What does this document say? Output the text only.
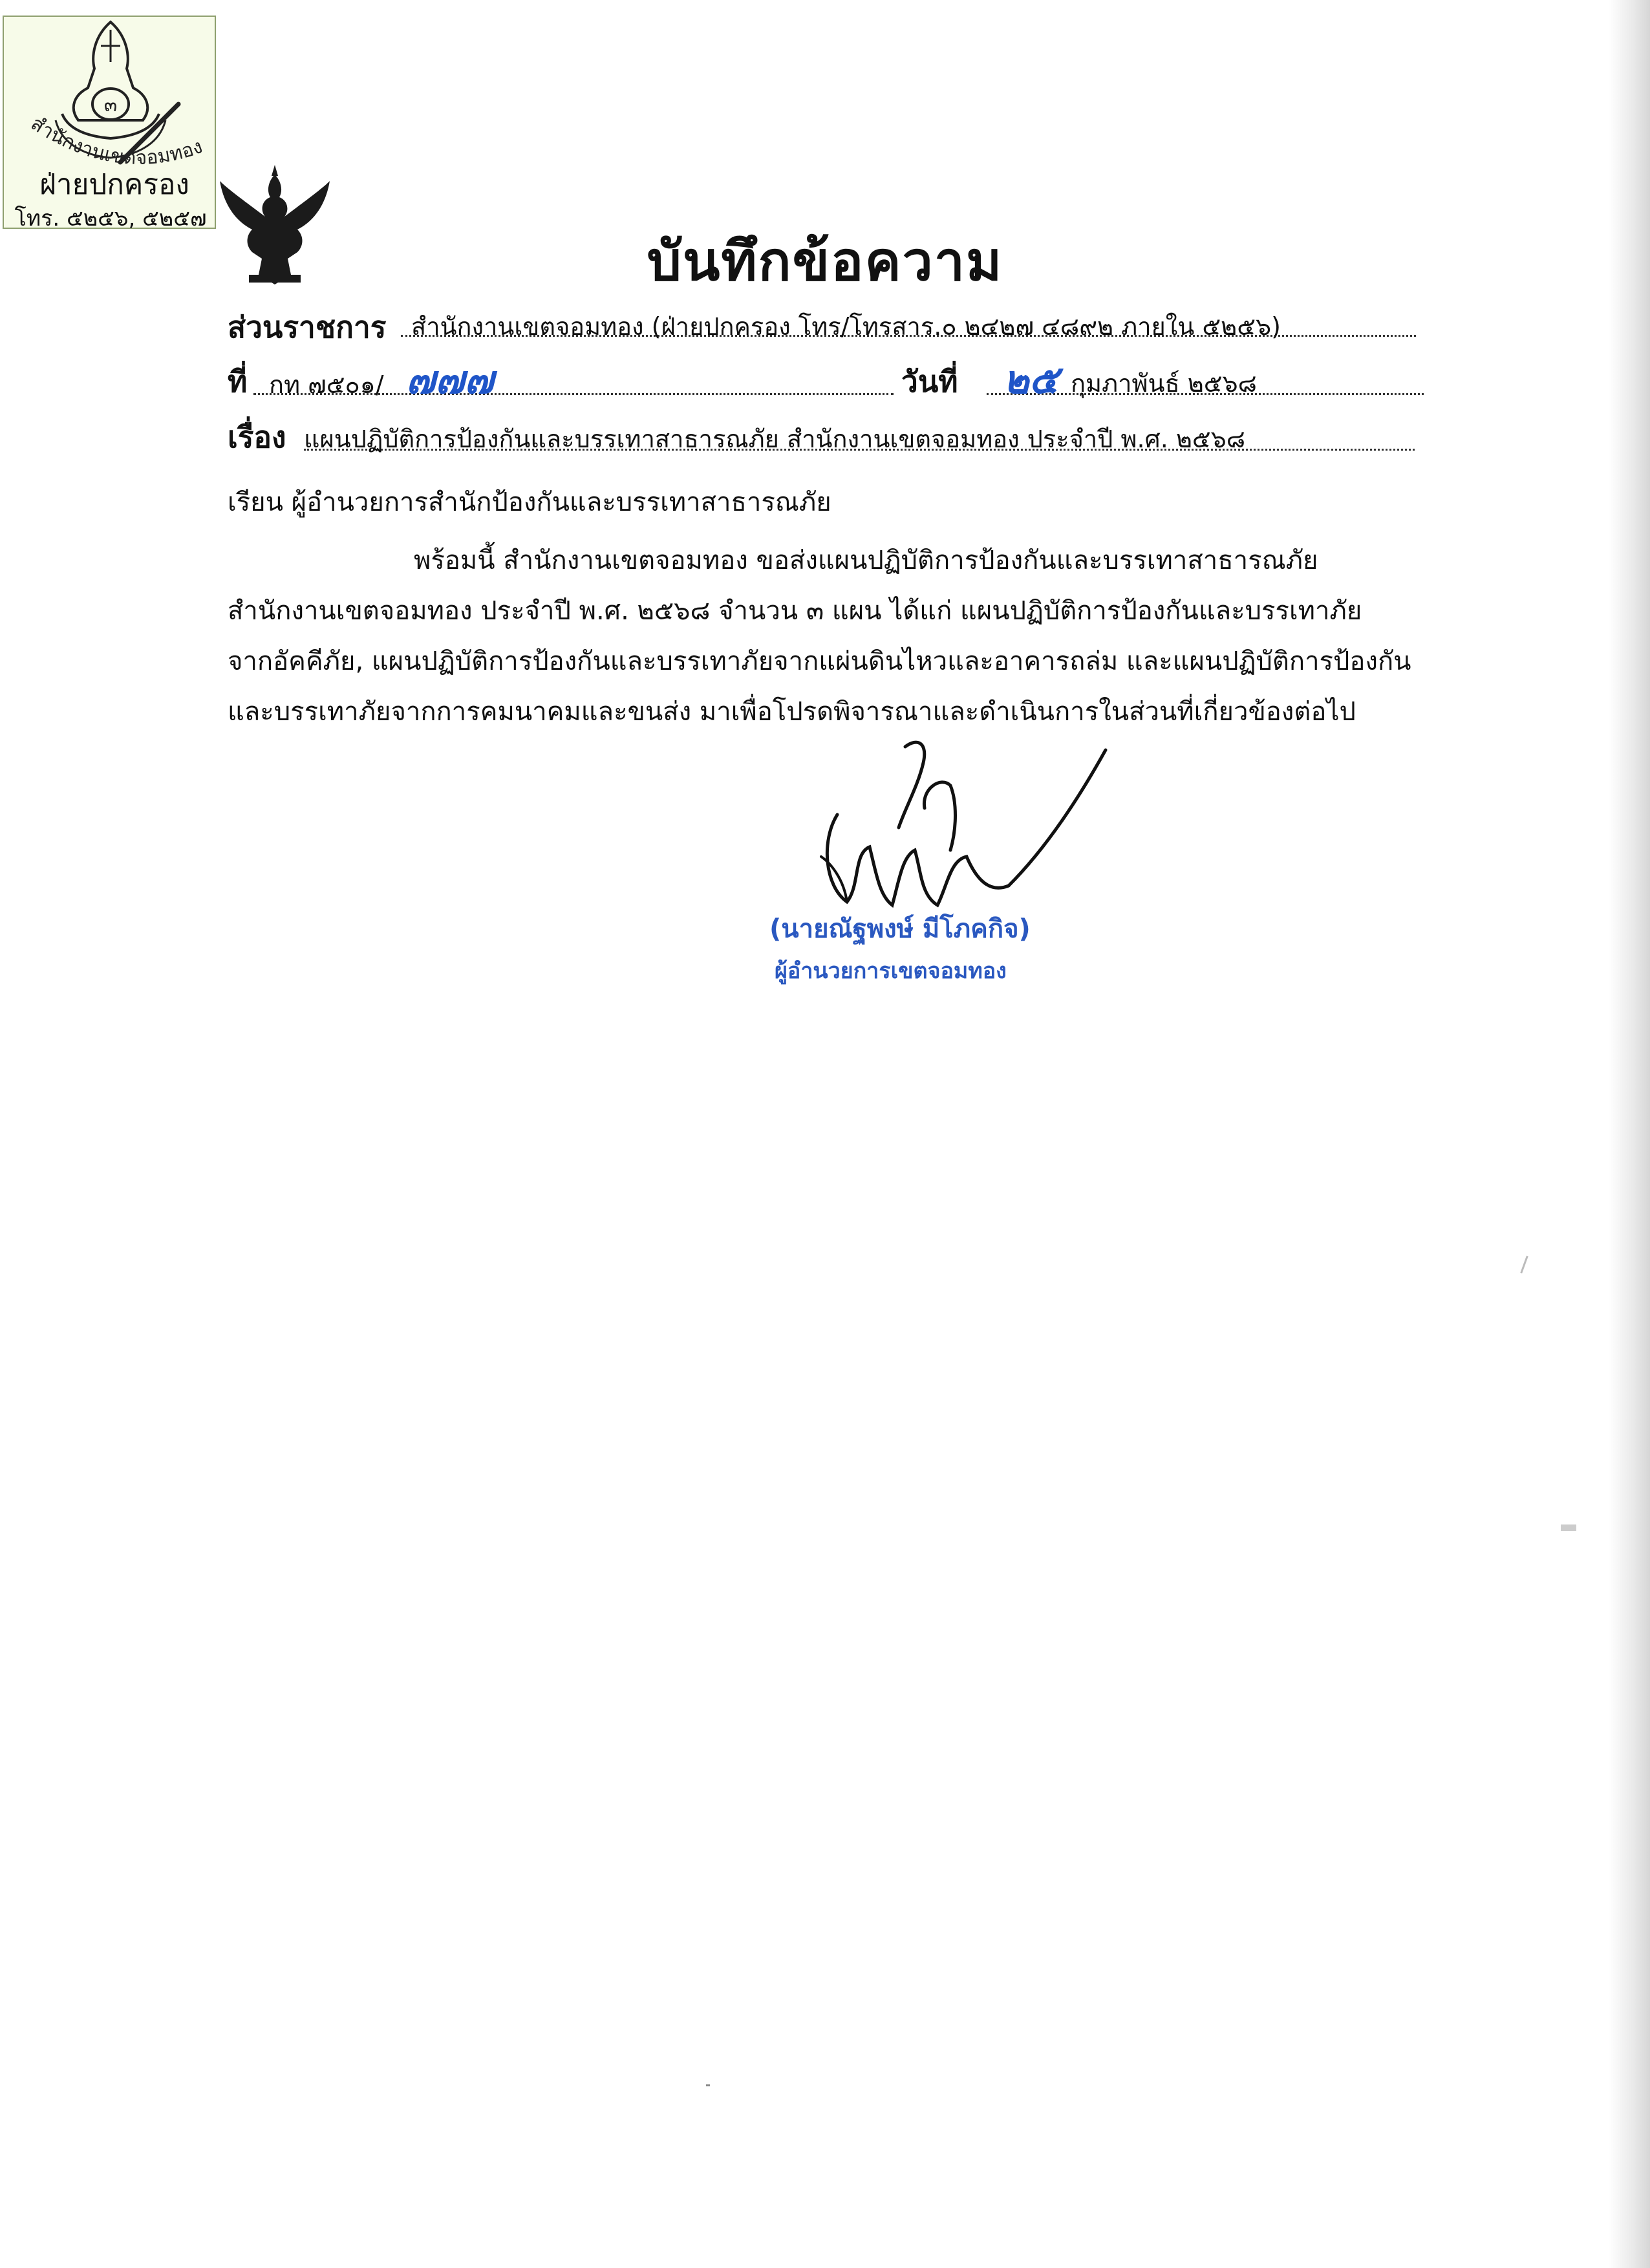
๓
สำนักงานเขตจอมทอง
ฝ่ายปกครอง
โทร. ๕๒๕๖, ๕๒๕๗
บันทึกข้อความ
ส่วนราชการ สำนักงานเขตจอมทอง (ฝ่ายปกครอง โทร/โทรสาร.๐ ๒๔๒๗ ๔๘๙๒ ภายใน ๕๒๕๖)
ที่ กท ๗๕๐๑/ ๗๗๗	วันที่ ๒๕ กุมภาพันธ์ ๒๕๖๘
เรื่อง แผนปฏิบัติการป้องกันและบรรเทาสาธารณภัย สำนักงานเขตจอมทอง ประจำปี พ.ศ. ๒๕๖๘
เรียน ผู้อำนวยการสำนักป้องกันและบรรเทาสาธารณภัย
พร้อมนี้ สำนักงานเขตจอมทอง ขอส่งแผนปฏิบัติการป้องกันและบรรเทาสาธารณภัย
สำนักงานเขตจอมทอง ประจำปี พ.ศ. ๒๕๖๘ จำนวน ๓ แผน ได้แก่ แผนปฏิบัติการป้องกันและบรรเทาภัย
จากอัคคีภัย, แผนปฏิบัติการป้องกันและบรรเทาภัยจากแผ่นดินไหวและอาคารถล่ม และแผนปฏิบัติการป้องกัน
และบรรเทาภัยจากการคมนาคมและขนส่ง มาเพื่อโปรดพิจารณาและดำเนินการในส่วนที่เกี่ยวข้องต่อไป
(นายณัฐพงษ์ มีโภคกิจ)
ผู้อำนวยการเขตจอมทอง
